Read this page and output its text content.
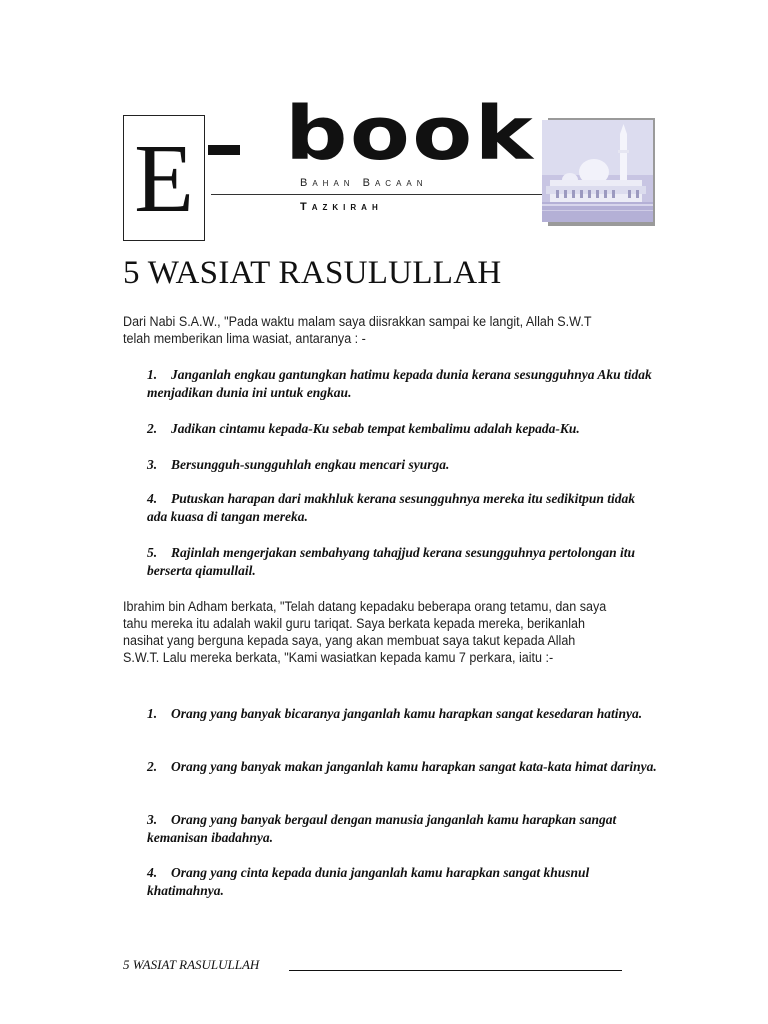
E book
Bahan Bacaan
Tazkirah
5 WASIAT RASULULLAH

Dari Nabi S.A.W., "Pada waktu malam saya diisrakkan sampai ke langit, Allah S.W.T telah memberikan lima wasiat, antaranya : -

1. Janganlah engkau gantungkan hatimu kepada dunia kerana sesungguhnya Aku tidak menjadikan dunia ini untuk engkau.

2. Jadikan cintamu kepada-Ku sebab tempat kembalimu adalah kepada-Ku.

3. Bersungguh-sungguhlah engkau mencari syurga.

4. Putuskan harapan dari makhluk kerana sesungguhnya mereka itu sedikitpun tidak ada kuasa di tangan mereka.

5. Rajinlah mengerjakan sembahyang tahajjud kerana sesungguhnya pertolongan itu berserta qiamullail.

Ibrahim bin Adham berkata, "Telah datang kepadaku beberapa orang tetamu, dan saya tahu mereka itu adalah wakil guru tariqat. Saya berkata kepada mereka, berikanlah nasihat yang berguna kepada saya, yang akan membuat saya takut kepada Allah S.W.T. Lalu mereka berkata, "Kami wasiatkan kepada kamu 7 perkara, iaitu :-

1. Orang yang banyak bicaranya janganlah kamu harapkan sangat kesedaran hatinya.

2. Orang yang banyak makan janganlah kamu harapkan sangat kata-kata himat darinya.

3. Orang yang banyak bergaul dengan manusia janganlah kamu harapkan sangat kemanisan ibadahnya.

4. Orang yang cinta kepada dunia janganlah kamu harapkan sangat khusnul khatimahnya.

5 WASIAT RASULULLAH
